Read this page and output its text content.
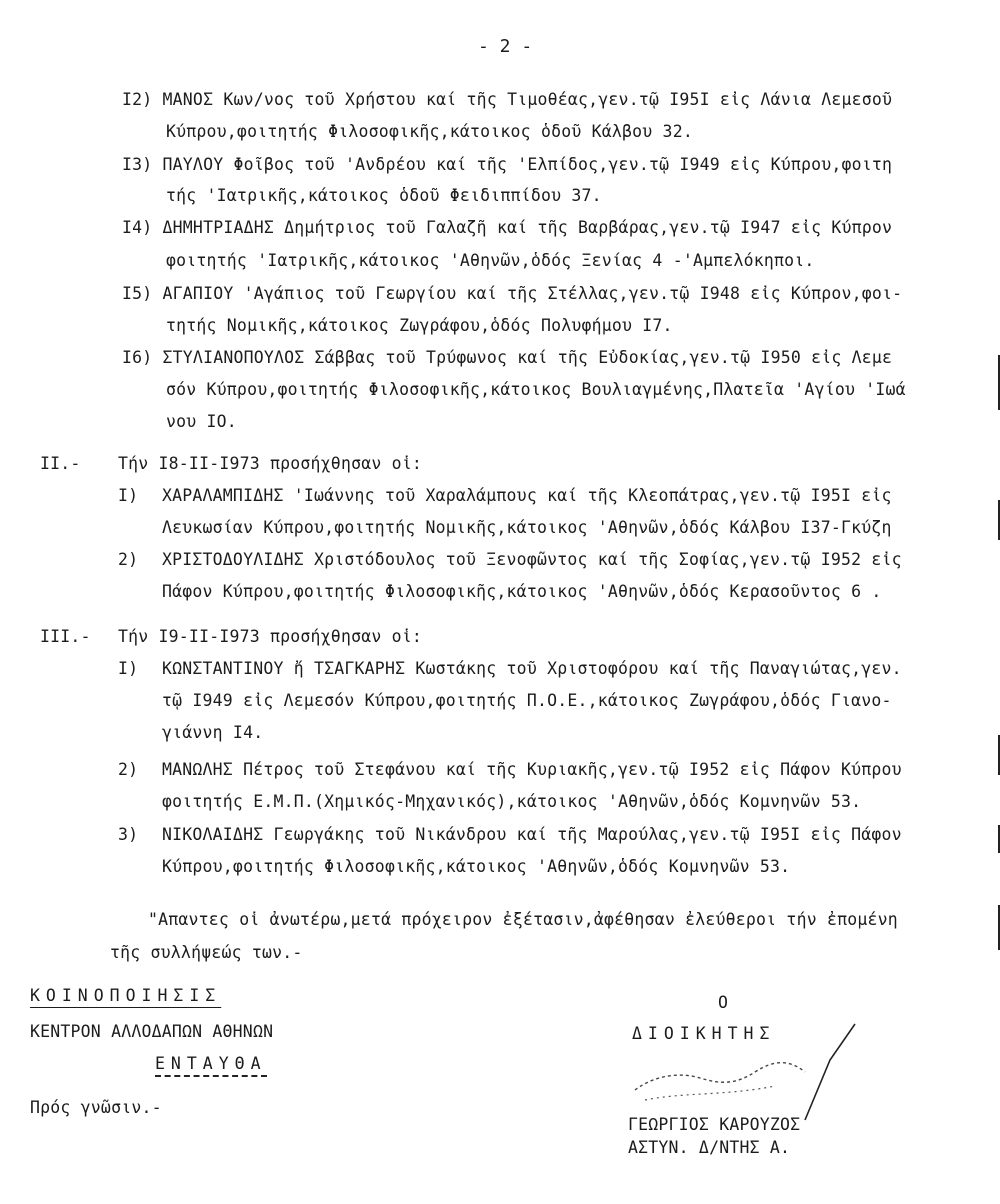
- 2 -
I2) ΜΑΝΟΣ Κων/νος τοῦ Χρήστου καί τῆς Τιμοθέας,γεν.τῷ I95I εἰς Λάνια Λεμεσοῦ
Κύπρου,φοιτητής Φιλοσοφικῆς,κάτοικος ὁδοῦ Κάλβου 32.
I3) ΠΑΥΛΟΥ Φοῖβος τοῦ 'Ανδρέου καί τῆς 'Ελπίδος,γεν.τῷ I949 εἰς Κύπρου,φοιτη
τής 'Ιατρικῆς,κάτοικος ὁδοῦ Φειδιππίδου 37.
I4) ΔΗΜΗΤΡΙΑΔΗΣ Δημήτριος τοῦ Γαλαζῆ καί τῆς Βαρβάρας,γεν.τῷ I947 εἰς Κύπρον
φοιτητής 'Ιατρικῆς,κάτοικος 'Αθηνῶν,ὁδός Ξενίας 4 -'Αμπελόκηποι.
I5) ΑΓΑΠΙΟΥ 'Αγάπιος τοῦ Γεωργίου καί τῆς Στέλλας,γεν.τῷ I948 εἰς Κύπρον,φοι-
τητής Νομικῆς,κάτοικος Ζωγράφου,ὁδός Πολυφήμου I7.
I6) ΣΤΥΛΙΑΝΟΠΟΥΛΟΣ Σάββας τοῦ Τρύφωνος καί τῆς Εὐδοκίας,γεν.τῷ I950 εἰς Λεμε
σόν Κύπρου,φοιτητής Φιλοσοφικῆς,κάτοικος Βουλιαγμένης,Πλατεῖα 'Αγίου 'Ιωά
νου IO.
II.- Τήν I8-II-I973 προσήχθησαν οἱ:
I) ΧΑΡΑΛΑΜΠΙΔΗΣ 'Ιωάννης τοῦ Χαραλάμπους καί τῆς Κλεοπάτρας,γεν.τῷ I95I εἰς
Λευκωσίαν Κύπρου,φοιτητής Νομικῆς,κάτοικος 'Αθηνῶν,ὁδός Κάλβου I37-Γκύζη
2) ΧΡΙΣΤΟΔΟΥΛΙΔΗΣ Χριστόδουλος τοῦ Ξενοφῶντος καί τῆς Σοφίας,γεν.τῷ I952 εἰς
Πάφον Κύπρου,φοιτητής Φιλοσοφικῆς,κάτοικος 'Αθηνῶν,ὁδός Κερασοῦντος 6 .
III.- Τήν I9-II-I973 προσήχθησαν οἱ:
I) ΚΩΝΣΤΑΝΤΙΝΟΥ ἤ ΤΣΑΓΚΑΡΗΣ Κωστάκης τοῦ Χριστοφόρου καί τῆς Παναγιώτας,γεν.
τῷ I949 εἰς Λεμεσόν Κύπρου,φοιτητής Π.Ο.Ε.,κάτοικος Ζωγράφου,ὁδός Γιανο-
γιάννη I4.
2) ΜΑΝΩΛΗΣ Πέτρος τοῦ Στεφάνου καί τῆς Κυριακῆς,γεν.τῷ I952 εἰς Πάφον Κύπρου
φοιτητής Ε.Μ.Π.(Χημικός-Μηχανικός),κάτοικος 'Αθηνῶν,ὁδός Κομνηνῶν 53.
3) ΝΙΚΟΛΑΙΔΗΣ Γεωργάκης τοῦ Νικάνδρου καί τῆς Μαρούλας,γεν.τῷ I95I εἰς Πάφον
Κύπρου,φοιτητής Φιλοσοφικῆς,κάτοικος 'Αθηνῶν,ὁδός Κομνηνῶν 53.
"Απαντες οἱ ἀνωτέρω,μετά πρόχειρον ἐξέτασιν,ἀφέθησαν ἐλεύθεροι τήν ἐπομένη
τῆς συλλήψεώς των.-
ΚΟΙΝΟΠΟΙΗΣΙΣ
ΚΕΝΤΡΟΝ ΑΛΛΟΔΑΠΩΝ ΑΘΗΝΩΝ
ΕΝΤΑΥΘΑ
Πρός γνῶσιν.-
Ο
ΔΙΟΙΚΗΤΗΣ
ΓΕΩΡΓΙΟΣ ΚΑΡΟΥΖΟΣ
ΑΣΤΥΝ. Δ/ΝΤΗΣ Α.
